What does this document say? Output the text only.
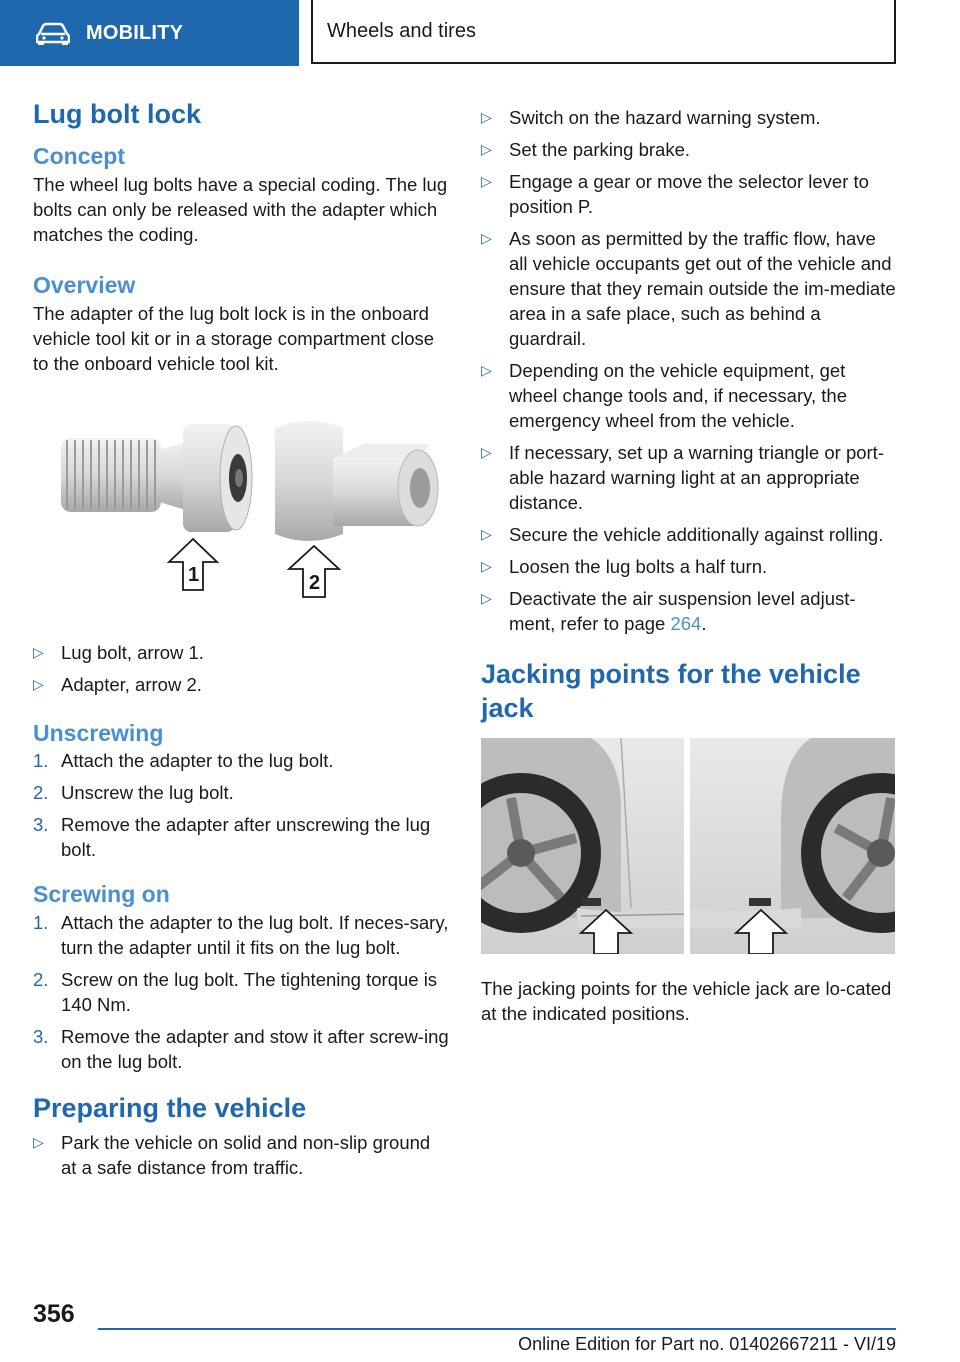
MOBILITY	Wheels and tires
Lug bolt lock
Concept

The wheel lug bolts have a special coding. The lug bolts can only be released with the adapter which matches the coding.

Overview

The adapter of the lug bolt lock is in the onboard vehicle tool kit or in a storage compartment close to the onboard vehicle tool kit.

1	2
▷ Lug bolt, arrow 1.
▷ Adapter, arrow 2.
Unscrewing
1. Attach the adapter to the lug bolt.
2. Unscrew the lug bolt.
3. Remove the adapter after unscrewing the lug bolt.
Screwing on
1. Attach the adapter to the lug bolt. If neces-sary, turn the adapter until it fits on the lug bolt.
2. Screw on the lug bolt. The tightening torque is 140 Nm.
3. Remove the adapter and stow it after screw-ing on the lug bolt.
Preparing the vehicle
▷ Park the vehicle on solid and non-slip ground at a safe distance from traffic.
▷ Switch on the hazard warning system.
▷ Set the parking brake.
▷ Engage a gear or move the selector lever to position P.
▷ As soon as permitted by the traffic flow, have all vehicle occupants get out of the vehicle and ensure that they remain outside the im-mediate area in a safe place, such as behind a guardrail.
▷ Depending on the vehicle equipment, get wheel change tools and, if necessary, the emergency wheel from the vehicle.
▷ If necessary, set up a warning triangle or port-able hazard warning light at an appropriate distance.
▷ Secure the vehicle additionally against rolling.
▷ Loosen the lug bolts a half turn.
▷ Deactivate the air suspension level adjust-ment, refer to page 264.
Jacking points for the vehicle jack

The jacking points for the vehicle jack are lo-cated at the indicated positions.

356
Online Edition for Part no. 01402667211 - VI/19
